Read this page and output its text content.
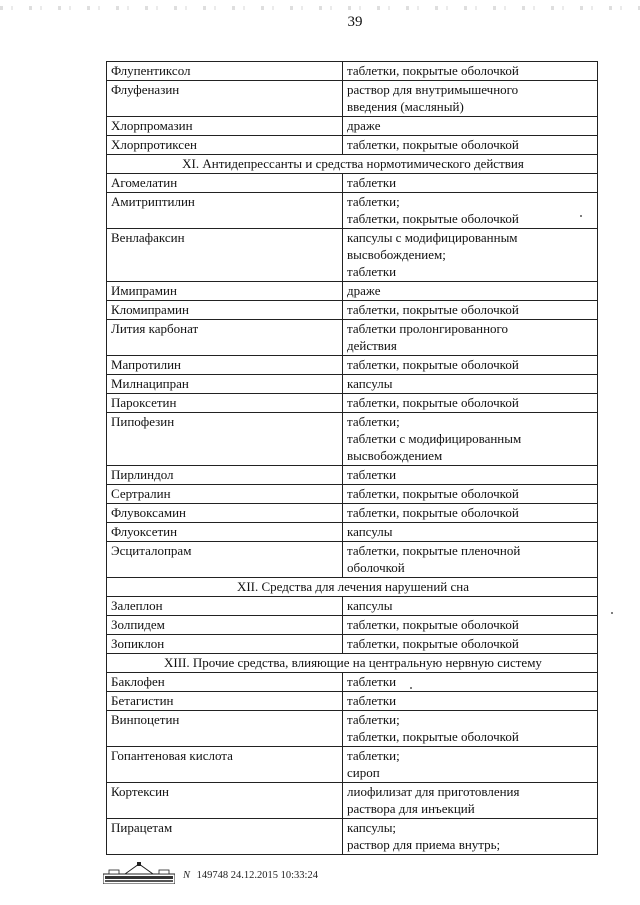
39
Флупентиксол	таблетки, покрытые оболочкой

Флуфеназин	раствор для внутримышечного
введения (масляный)

Хлорпромазин	драже

Хлорпротиксен	таблетки, покрытые оболочкой

XI. Антидепрессанты и средства нормотимического действия	
Агомелатин	таблетки

Амитриптилин	таблетки;
таблетки, покрытые оболочкой

Венлафаксин	капсулы с модифицированным
высвобождением;
таблетки

Имипрамин	драже

Кломипрамин	таблетки, покрытые оболочкой

Лития карбонат	таблетки пролонгированного
действия

Мапротилин	таблетки, покрытые оболочкой

Милнаципран	капсулы

Пароксетин	таблетки, покрытые оболочкой

Пипофезин	таблетки;
таблетки с модифицированным
высвобождением

Пирлиндол	таблетки

Сертралин	таблетки, покрытые оболочкой

Флувоксамин	таблетки, покрытые оболочкой

Флуоксетин	капсулы

Эсциталопрам	таблетки, покрытые пленочной
оболочкой

XII. Средства для лечения нарушений сна	
Залеплон	капсулы

Золпидем	таблетки, покрытые оболочкой

Зопиклон	таблетки, покрытые оболочкой

XIII. Прочие средства, влияющие на центральную нервную систему	
Баклофен	таблетки

Бетагистин	таблетки

Винпоцетин	таблетки;
таблетки, покрытые оболочкой

Гопантеновая кислота	таблетки;
сироп

Кортексин	лиофилизат для приготовления
раствора для инъекций

Пирацетам	капсулы;
раствор для приема внутрь;
N 149748 24.12.2015 10:33:24
